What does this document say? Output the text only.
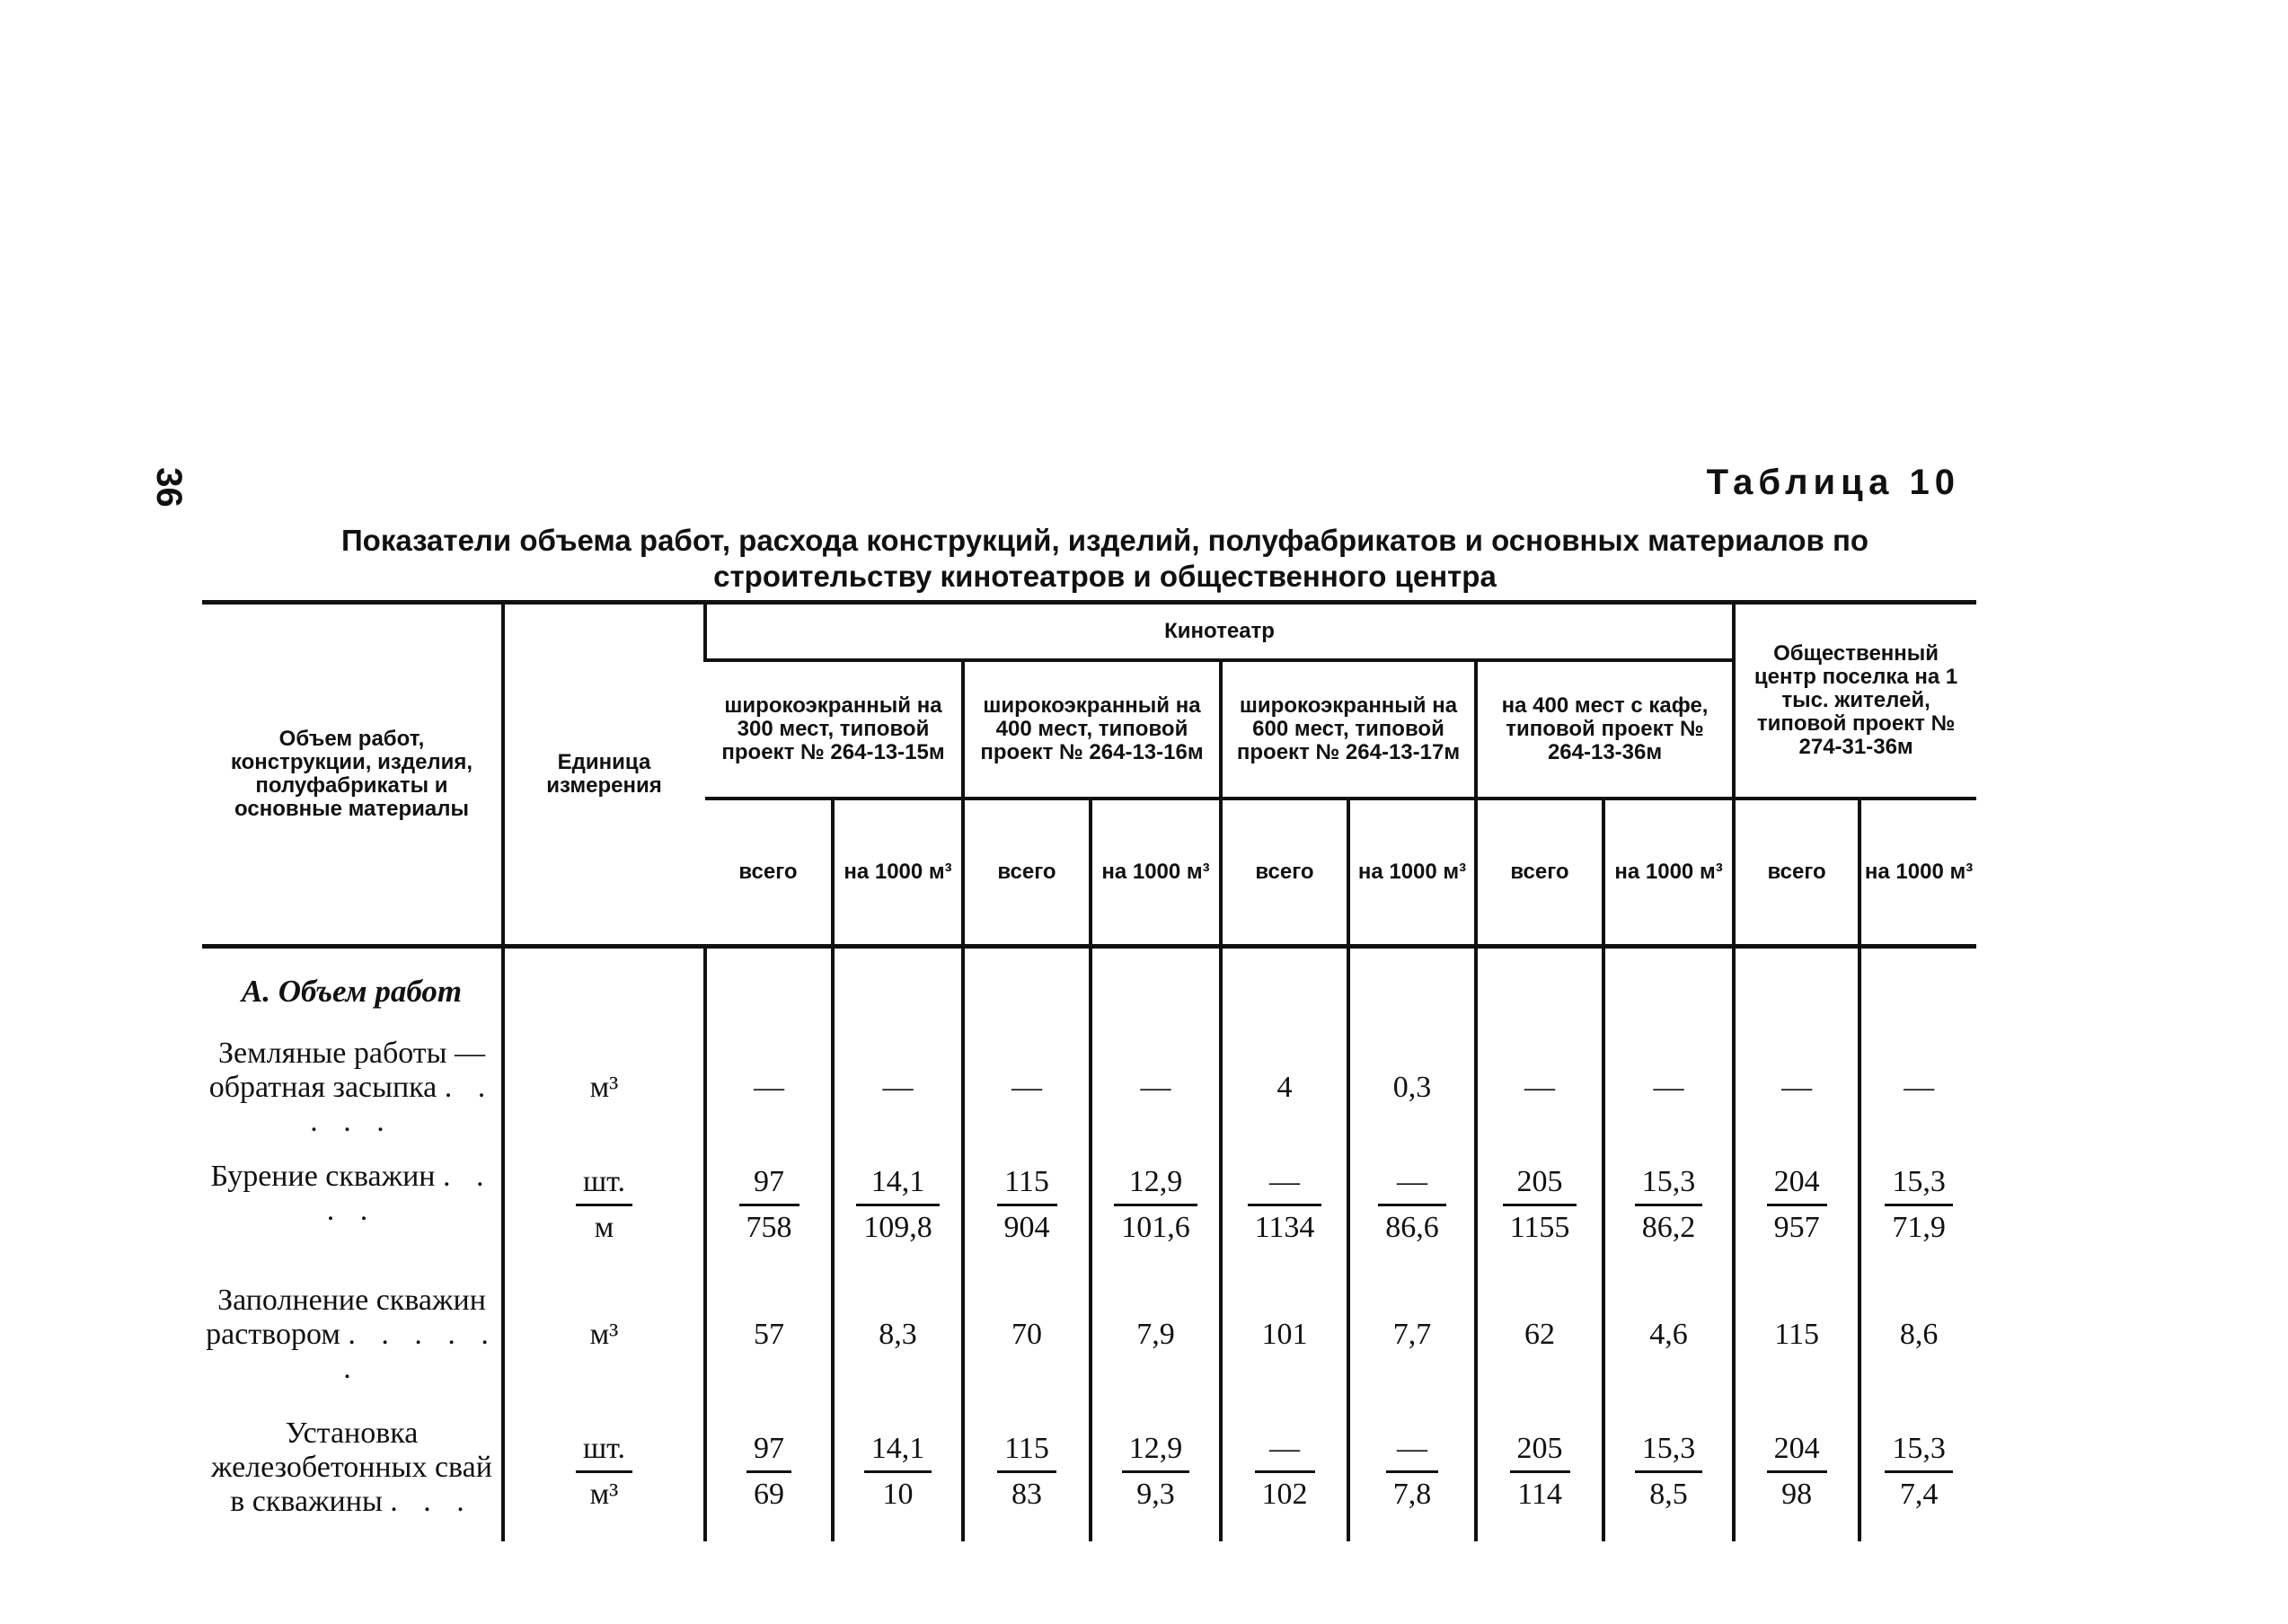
36	Таблица 10
Показатели объема работ, расхода конструкций, изделий, полуфабрикатов и основных материалов по строительству кинотеатров и общественного центра
Объем работ, конструкции, изделия, полуфабрикаты и основные материалы	Единица измерения	Кинотеатр								Общественный центр поселка на 1 тыс. жителей, типовой проект № 274-31-36м	
		широкоэкранный на 300 мест, типовой проект № 264-13-15м		широкоэкранный на 400 мест, типовой проект № 264-13-16м		широкоэкранный на 600 мест, типовой проект № 264-13-17м		на 400 мест с кафе, типовой проект № 264-13-36м			
		всего	на 1000 м³	всего	на 1000 м³	всего	на 1000 м³	всего	на 1000 м³	всего	на 1000 м³
А. Объем работ											
Земляные работы — обратная засыпка . . . . .	м³	—	—	—	—	4	0,3	—	—	—	—
Бурение скважин . . . .	$\frac{шт.}{м}$	$\frac{97}{758}$	$\frac{14,1}{109,8}$	$\frac{115}{904}$	$\frac{12,9}{101,6}$	$\frac{—}{1134}$	$\frac{—}{86,6}$	$\frac{205}{1155}$	$\frac{15,3}{86,2}$	$\frac{204}{957}$	$\frac{15,3}{71,9}$

Заполнение скважин раствором . . . . . .	м³	57	8,3	70	7,9	101	7,7	62	4,6	115	8,6
Установка железобетонных свай в скважины . . .	$\frac{шт.}{\text{м³}}$	$\frac{97}{69}$	$\frac{14,1}{10}$	$\frac{115}{83}$	$\frac{12,9}{9,3}$	$\frac{—}{102}$	$\frac{—}{7,8}$	$\frac{205}{114}$	$\frac{15,3}{8,5}$	$\frac{204}{98}$	$\frac{15,3}{7,4}$
